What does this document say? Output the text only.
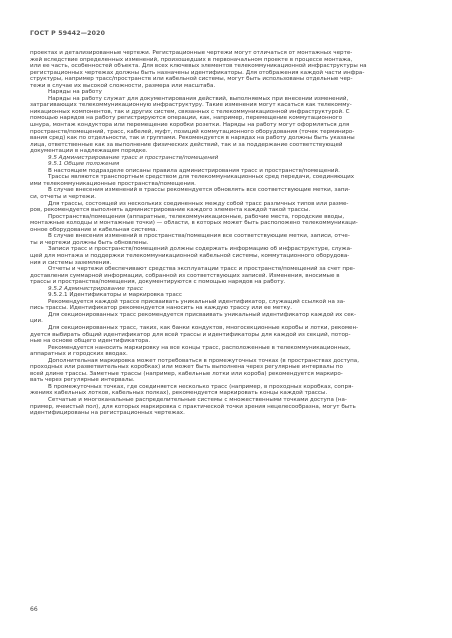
ГОСТ Р 59442—2020
проектах и детализированные чертежи. Регистрационные чертежи могут отличаться от монтажных черте-
жей вследствие определенных изменений, произошедших в первоначальном проекте в процессе монтажа,
или ее часть, особенностей объекта. Для всех ключевых элементов телекоммуникационной инфраструктуры на
регистрационных чертежах должны быть назначены идентификаторы. Для отображения каждой части инфра-
структуры, например трасс/пространств или кабельной системы, могут быть использованы отдельные чер-
тежи в случае их высокой сложности, размера или масштаба.
Наряды на работу
Наряды на работу служат для документирования действий, выполняемых при внесении изменений,
затрагивающих телекоммуникационную инфраструктуру. Такие изменения могут касаться как телекомму-
никационных компонентов, так и других систем, связанных с телекоммуникационной инфраструктурой. С
помощью нарядов на работу регистрируются операции, как, например, перемещение коммутационного
шнура, монтаж кондуктора или перемещение коробки розетки. Наряды на работу могут оформляться для
пространств/помещений, трасс, кабелей, муфт, позиций коммутационного оборудования (точек терминиро-
вания сред) как по отдельности, так и группами. Рекомендуется в нарядах на работу должны быть указаны
лица, ответственные как за выполнение физических действий, так и за поддержание соответствующей
документации в надлежащем порядке.
9.5 Администрирование трасс и пространств/помещений
9.5.1 Общие положения
В настоящем подразделе описаны правила администрирования трасс и пространств/помещений.
Трассы являются транспортным средством для телекоммуникационных сред передачи, соединяющих
ими телекоммуникационные пространства/помещения.
В случае внесения изменений в трассы рекомендуется обновлять все соответствующие метки, запи-
си, отчеты и чертежи.
Для трассы, состоящей из нескольких соединенных между собой трасс различных типов или разме-
ров, рекомендуется выполнять администрирование каждого элемента каждой такой трассы.
Пространства/помещения (аппаратные, телекоммуникационные, рабочие места, городские вводы,
монтажные колодцы и монтажные точки) — области, в которых может быть расположено телекоммуникаци-
онное оборудование и кабельная система.
В случае внесения изменений в пространства/помещения все соответствующие метки, записи, отче-
ты и чертежи должны быть обновлены.
Записи трасс и пространств/помещений должны содержать информацию об инфраструктуре, служа-
щей для монтажа и поддержки телекоммуникационной кабельной системы, коммутационного оборудова-
ния и системы заземления.
Отчеты и чертежи обеспечивают средства эксплуатации трасс и пространств/помещений за счет пре-
доставления суммарной информации, собранной из соответствующих записей. Изменения, вносимые в
трассы и пространства/помещения, документируются с помощью нарядов на работу.
9.5.2 Администрирование трасс
9.5.2.1 Идентификаторы и маркировка трасс
Рекомендуется каждой трассе присваивать уникальный идентификатор, служащий ссылкой на за-
пись трассы. Идентификатор рекомендуется наносить на каждую трассу или ее метку.
Для секционированных трасс рекомендуется присваивать уникальный идентификатор каждой их сек-
ции.
Для секционированных трасс, таких, как банки кондуктов, многосекционные коробы и лотки, рекомен-
дуется выбирать общий идентификатор для всей трассы и идентификаторы для каждой из секций, потор-
ные на основе общего идентификатора.
Рекомендуется наносить маркировку на все концы трасс, расположенные в телекоммуникационных,
аппаратных и городских вводах.
Дополнительная маркировка может потребоваться в промежуточных точках (в пространствах доступа,
проходных или разветвительных коробках) или может быть выполнена через регулярные интервалы по
всей длине трассы. Заметные трассы (например, кабельные лотки или короба) рекомендуется маркиро-
вать через регулярные интервалы.
В промежуточных точках, где соединяется несколько трасс (например, в проходных коробках, сопря-
жениях кабельных лотков, кабельных полках), рекомендуется маркировать концы каждой трассы.
Сетчатые и многоканальные распределительные системы с множественными точками доступа (на-
пример, ячеистый пол), для которых маркировка с практической точки зрения нецелесообразна, могут быть
идентифицированы на регистрационных чертежах.
66
